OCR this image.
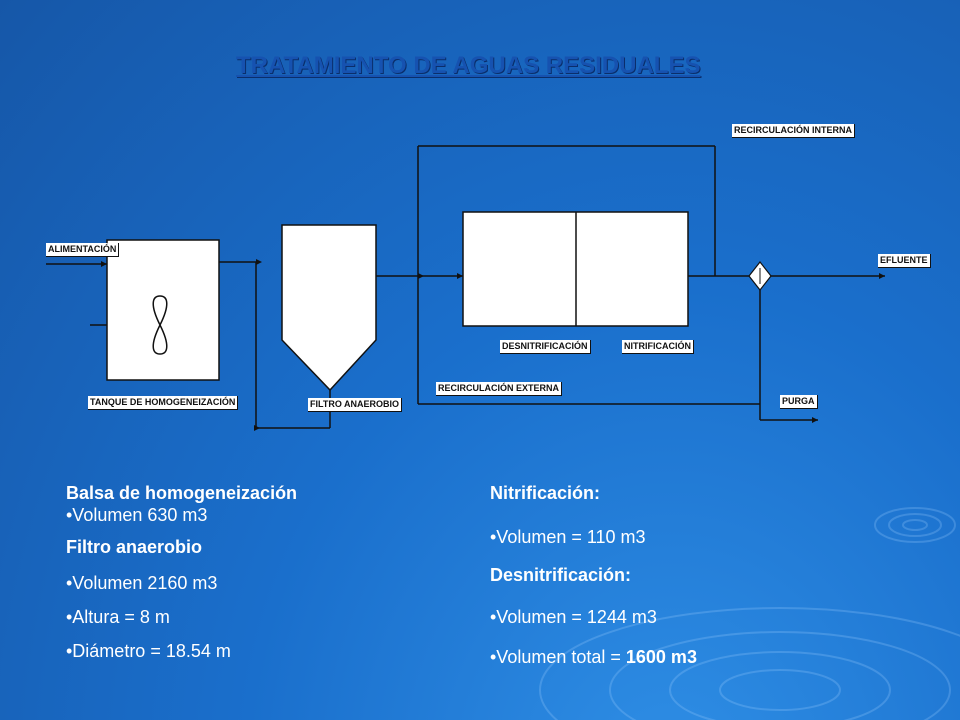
TRATAMIENTO DE AGUAS RESIDUALES
ALIMENTACIÓN
TANQUE DE HOMOGENEIZACIÓN	FILTRO ANAEROBIO
RECIRCULACIÓN INTERNA
RECIRCULACIÓN EXTERNA
DESNITRIFICACIÓN	NITRIFICACIÓN
EFLUENTE
PURGA

Balsa de homogeneización

•Volumen 630 m3

Filtro anaerobio

•Volumen 2160 m3

•Altura = 8 m

•Diámetro = 18.54 m

Nitrificación:

•Volumen = 110 m3

Desnitrificación:

•Volumen = 1244 m3

•Volumen total = 1600 m3
